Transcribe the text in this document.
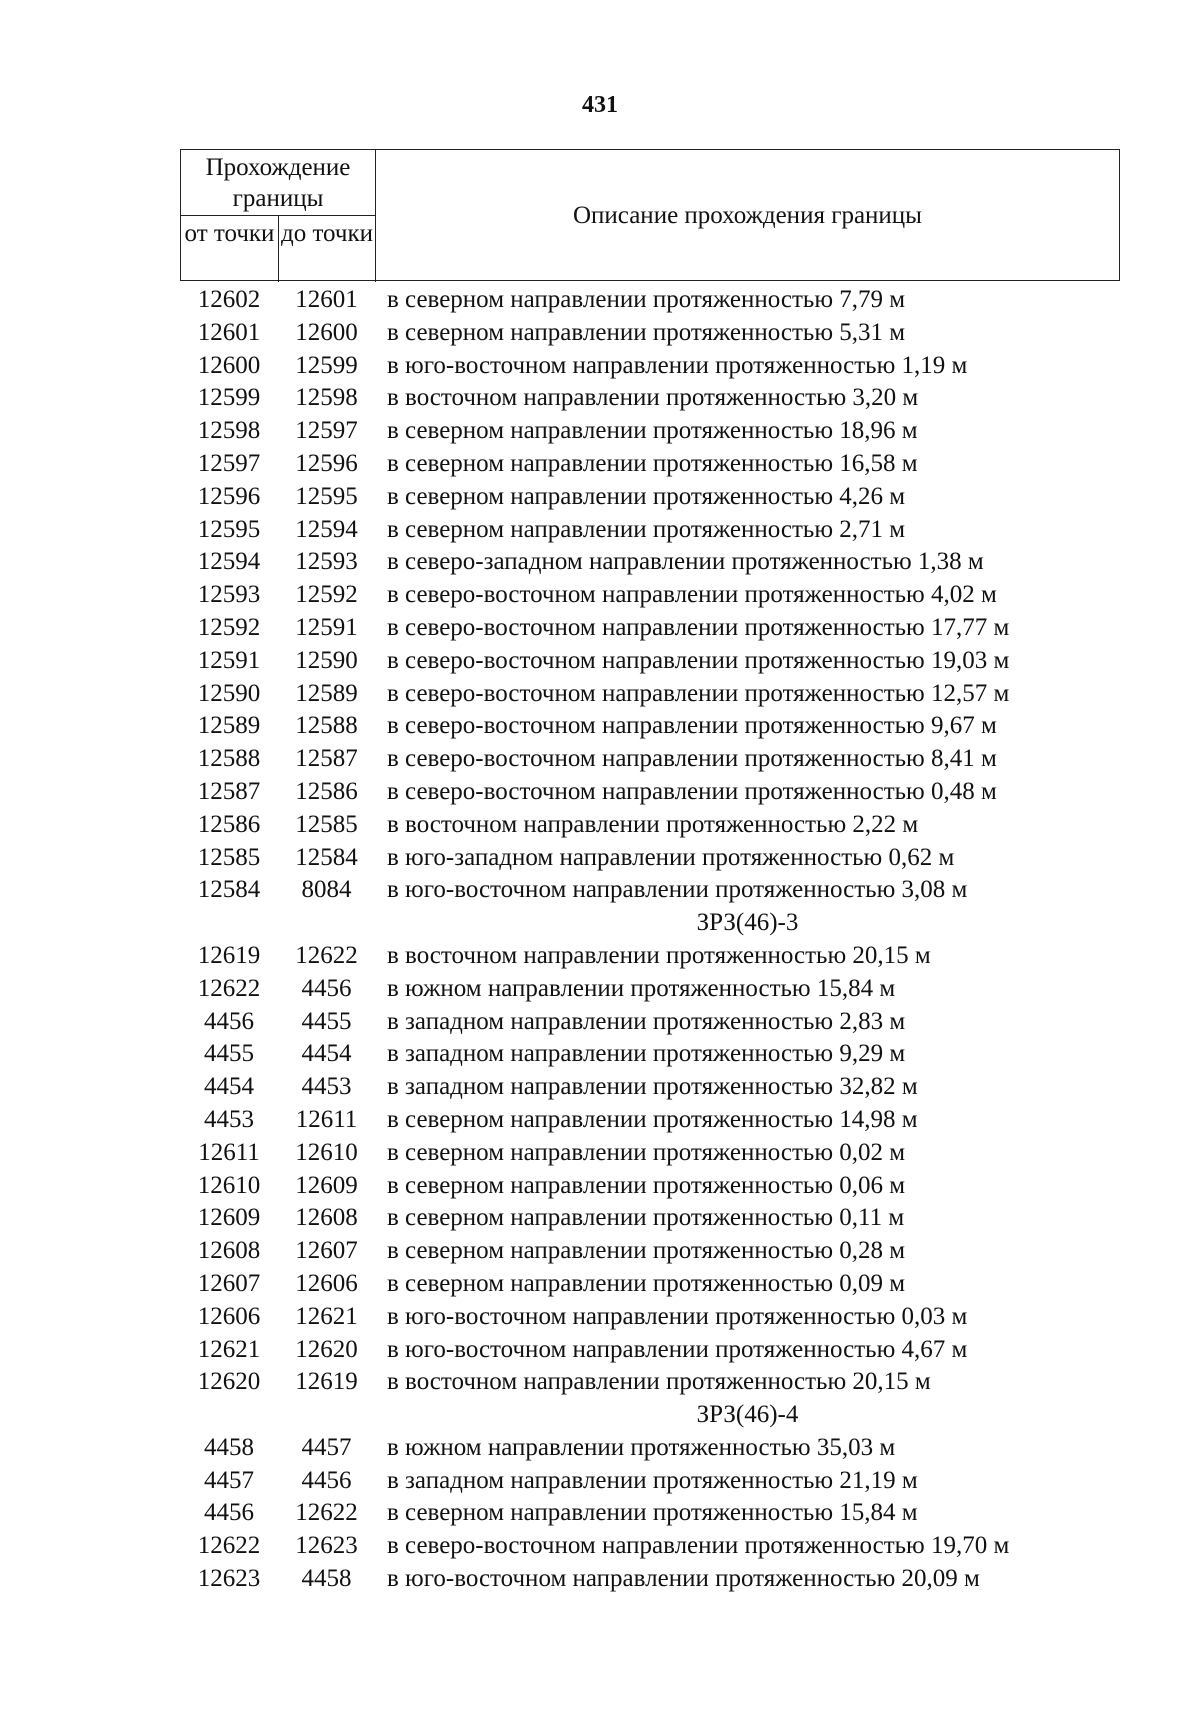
431
Прохождение границы
от точки до точки
Описание прохождения границы
12602	12601	в северном направлении протяженностью 7,79 м
12601	12600	в северном направлении протяженностью 5,31 м
12600	12599	в юго-восточном направлении протяженностью 1,19 м
12599	12598	в восточном направлении протяженностью 3,20 м
12598	12597	в северном направлении протяженностью 18,96 м
12597	12596	в северном направлении протяженностью 16,58 м
12596	12595	в северном направлении протяженностью 4,26 м
12595	12594	в северном направлении протяженностью 2,71 м
12594	12593	в северо-западном направлении протяженностью 1,38 м
12593	12592	в северо-восточном направлении протяженностью 4,02 м
12592	12591	в северо-восточном направлении протяженностью 17,77 м
12591	12590	в северо-восточном направлении протяженностью 19,03 м
12590	12589	в северо-восточном направлении протяженностью 12,57 м
12589	12588	в северо-восточном направлении протяженностью 9,67 м
12588	12587	в северо-восточном направлении протяженностью 8,41 м
12587	12586	в северо-восточном направлении протяженностью 0,48 м
12586	12585	в восточном направлении протяженностью 2,22 м
12585	12584	в юго-западном направлении протяженностью 0,62 м
12584	8084	в юго-восточном направлении протяженностью 3,08 м
ЗРЗ(46)-3
12619	12622	в восточном направлении протяженностью 20,15 м
12622	4456	в южном направлении протяженностью 15,84 м
4456	4455	в западном направлении протяженностью 2,83 м
4455	4454	в западном направлении протяженностью 9,29 м
4454	4453	в западном направлении протяженностью 32,82 м
4453	12611	в северном направлении протяженностью 14,98 м
12611	12610	в северном направлении протяженностью 0,02 м
12610	12609	в северном направлении протяженностью 0,06 м
12609	12608	в северном направлении протяженностью 0,11 м
12608	12607	в северном направлении протяженностью 0,28 м
12607	12606	в северном направлении протяженностью 0,09 м
12606	12621	в юго-восточном направлении протяженностью 0,03 м
12621	12620	в юго-восточном направлении протяженностью 4,67 м
12620	12619	в восточном направлении протяженностью 20,15 м
ЗРЗ(46)-4
4458	4457	в южном направлении протяженностью 35,03 м
4457	4456	в западном направлении протяженностью 21,19 м
4456	12622	в северном направлении протяженностью 15,84 м
12622	12623	в северо-восточном направлении протяженностью 19,70 м
12623	4458	в юго-восточном направлении протяженностью 20,09 м
